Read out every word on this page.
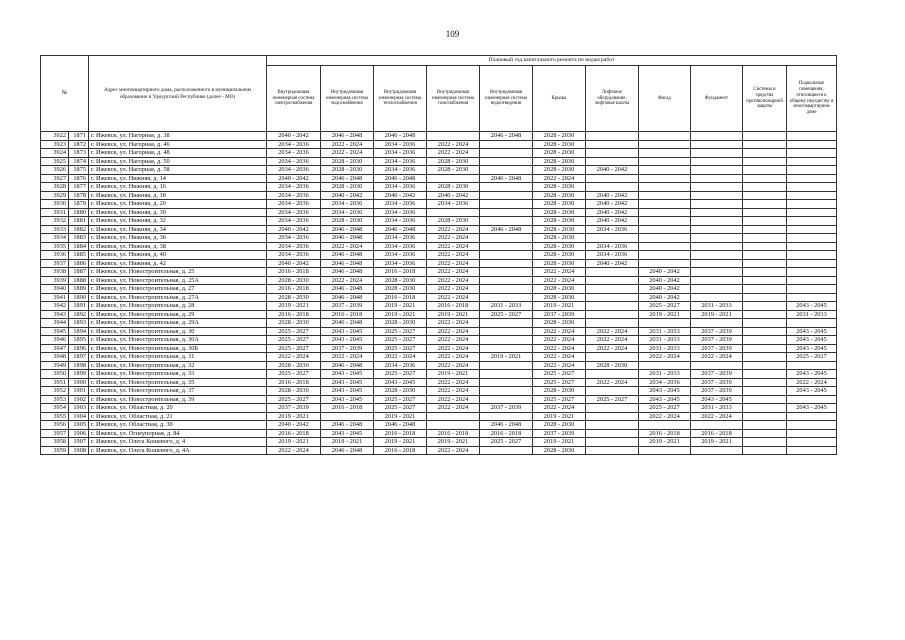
109
№		Адрес многоквартирного дома, расположенного в муниципальном образовании в Удмуртской Республике (далее - МО)	Плановый год капитального ремонта по видам работ										
			Внутридомовая инженерная система электроснабжения	Внутридомовая инженерная система водоснабжения	Внутридомовая инженерная система теплоснабжения	Внутридомовая инженерная система газоснабжения	Внутридомовая инженерная система водоотведения	Крыша	Лифтовое оборудование, лифтовые шахты	Фасад	Фундамент	Системы и средства противопожарной защиты	Подвальные помещения, относящиеся к общему имуществу в многоквартирном доме
3922	1871	г. Ижевск, ул. Нагорная, д. 38	2040 - 2042	2046 - 2048	2046 - 2048		2046 - 2048	2028 - 2030					
3923	1872	г. Ижевск, ул. Нагорная, д. 46	2034 - 2036	2022 - 2024	2034 - 2036	2022 - 2024		2028 - 2030					
3924	1873	г. Ижевск, ул. Нагорная, д. 48	2034 - 2036	2022 - 2024	2034 - 2036	2022 - 2024		2028 - 2030					
3925	1874	г. Ижевск, ул. Нагорная, д. 50	2034 - 2036	2028 - 2030	2034 - 2036	2028 - 2030		2028 - 2030					
3926	1875	г. Ижевск, ул. Нагорная, д. 58	2034 - 2036	2028 - 2030	2034 - 2036	2028 - 2030		2028 - 2030	2040 - 2042				
3927	1876	г. Ижевск, ул. Нижняя, д. 14	2040 - 2042	2046 - 2048	2046 - 2048		2046 - 2048	2022 - 2024					
3928	1877	г. Ижевск, ул. Нижняя, д. 16	2034 - 2036	2028 - 2030	2034 - 2036	2028 - 2030		2028 - 2030					
3929	1878	г. Ижевск, ул. Нижняя, д. 18	2034 - 2036	2040 - 2042	2040 - 2042	2040 - 2042		2028 - 2030	2040 - 2042				
3930	1879	г. Ижевск, ул. Нижняя, д. 20	2034 - 2036	2034 - 2036	2034 - 2036	2034 - 2036		2028 - 2030	2040 - 2042				
3931	1880	г. Ижевск, ул. Нижняя, д. 30	2034 - 2036	2034 - 2036	2034 - 2036			2028 - 2030	2040 - 2042				
3932	1881	г. Ижевск, ул. Нижняя, д. 32	2034 - 2036	2028 - 2030	2034 - 2036	2028 - 2030		2028 - 2030	2040 - 2042				
3933	1882	г. Ижевск, ул. Нижняя, д. 34	2040 - 2042	2046 - 2048	2046 - 2048	2022 - 2024	2046 - 2048	2028 - 2030	2034 - 2036				
3934	1883	г. Ижевск, ул. Нижняя, д. 36	2034 - 2036	2046 - 2048	2034 - 2036	2022 - 2024		2028 - 2030					
3935	1884	г. Ижевск, ул. Нижняя, д. 38	2034 - 2036	2022 - 2024	2034 - 2036	2022 - 2024		2028 - 2030	2034 - 2036				
3936	1885	г. Ижевск, ул. Нижняя, д. 40	2034 - 2036	2046 - 2048	2034 - 2036	2022 - 2024		2028 - 2030	2034 - 2036				
3937	1886	г. Ижевск, ул. Нижняя, д. 42	2040 - 2042	2046 - 2048	2034 - 2036	2022 - 2024		2028 - 2030	2040 - 2042				
3938	1887	г. Ижевск, ул. Новостроительная, д. 25	2016 - 2018	2046 - 2048	2016 - 2018	2022 - 2024		2022 - 2024		2040 - 2042			
3939	1888	г. Ижевск, ул. Новостроительная, д. 25А	2028 - 2030	2022 - 2024	2028 - 2030	2022 - 2024		2022 - 2024		2040 - 2042			
3940	1889	г. Ижевск, ул. Новостроительная, д. 27	2016 - 2018	2046 - 2048	2028 - 2030	2022 - 2024		2028 - 2030		2040 - 2042			
3941	1890	г. Ижевск, ул. Новостроительная, д. 27А	2028 - 2030	2046 - 2048	2016 - 2018	2022 - 2024		2028 - 2030		2040 - 2042			
3942	1891	г. Ижевск, ул. Новостроительная, д. 28	2019 - 2021	2037 - 2039	2019 - 2021	2016 - 2018	2031 - 2033	2019 - 2021		2025 - 2027	2031 - 2033		2043 - 2045
3943	1892	г. Ижевск, ул. Новостроительная, д. 29	2016 - 2018	2016 - 2018	2019 - 2021	2019 - 2021	2025 - 2027	2037 - 2039		2019 - 2021	2019 - 2021		2031 - 2033
3944	1893	г. Ижевск, ул. Новостроительная, д. 29А	2028 - 2030	2046 - 2048	2028 - 2030	2022 - 2024		2028 - 2030					
3945	1894	г. Ижевск, ул. Новостроительная, д. 30	2025 - 2027	2043 - 2045	2025 - 2027	2022 - 2024		2022 - 2024	2022 - 2024	2031 - 2033	2037 - 2039		2043 - 2045
3946	1895	г. Ижевск, ул. Новостроительная, д. 30А	2025 - 2027	2043 - 2045	2025 - 2027	2022 - 2024		2022 - 2024	2022 - 2024	2031 - 2033	2037 - 2039		2043 - 2045
3947	1896	г. Ижевск, ул. Новостроительная, д. 30Б	2025 - 2027	2037 - 2039	2025 - 2027	2022 - 2024		2022 - 2024	2022 - 2024	2031 - 2033	2037 - 2039		2043 - 2045
3948	1897	г. Ижевск, ул. Новостроительная, д. 31	2022 - 2024	2022 - 2024	2022 - 2024	2022 - 2024	2019 - 2021	2022 - 2024		2022 - 2024	2022 - 2024		2025 - 2027
3949	1898	г. Ижевск, ул. Новостроительная, д. 32	2028 - 2030	2046 - 2048	2034 - 2036	2022 - 2024		2022 - 2024	2028 - 2030				
3950	1899	г. Ижевск, ул. Новостроительная, д. 33	2025 - 2027	2043 - 2045	2025 - 2027	2019 - 2021		2025 - 2027		2031 - 2033	2037 - 2039		2043 - 2045
3951	1900	г. Ижевск, ул. Новостроительная, д. 35	2016 - 2018	2043 - 2045	2043 - 2045	2022 - 2024		2025 - 2027	2022 - 2024	2034 - 2036	2037 - 2039		2022 - 2024
3952	1901	г. Ижевск, ул. Новостроительная, д. 37	2028 - 2030	2043 - 2045	2028 - 2030	2022 - 2024		2028 - 2030		2043 - 2045	2037 - 2039		2043 - 2045
3953	1902	г. Ижевск, ул. Новостроительная, д. 39	2025 - 2027	2043 - 2045	2025 - 2027	2022 - 2024		2025 - 2027	2025 - 2027	2043 - 2045	2043 - 2045		
3954	1903	г. Ижевск, ул. Областная, д. 20	2037 - 2039	2016 - 2018	2025 - 2027	2022 - 2024	2037 - 2039	2022 - 2024		2025 - 2027	2031 - 2033		2043 - 2045
3955	1904	г. Ижевск, ул. Областная, д. 21	2019 - 2021		2019 - 2021			2019 - 2021		2022 - 2024	2022 - 2024		
3956	1905	г. Ижевск, ул. Областная, д. 30	2040 - 2042	2046 - 2048	2046 - 2048		2046 - 2048	2028 - 2030					
3957	1906	г. Ижевск, ул. Огнеупорная, д. 84	2016 - 2018	2043 - 2045	2016 - 2018	2016 - 2018	2016 - 2018	2037 - 2039		2016 - 2018	2016 - 2018		
3958	1907	г. Ижевск, ул. Олега Кошевого, д. 4	2019 - 2021	2019 - 2021	2019 - 2021	2019 - 2021	2025 - 2027	2019 - 2021		2019 - 2021	2019 - 2021		
3959	1908	г. Ижевск, ул. Олега Кошевого, д. 4А	2022 - 2024	2046 - 2048	2016 - 2018	2022 - 2024		2028 - 2030					
